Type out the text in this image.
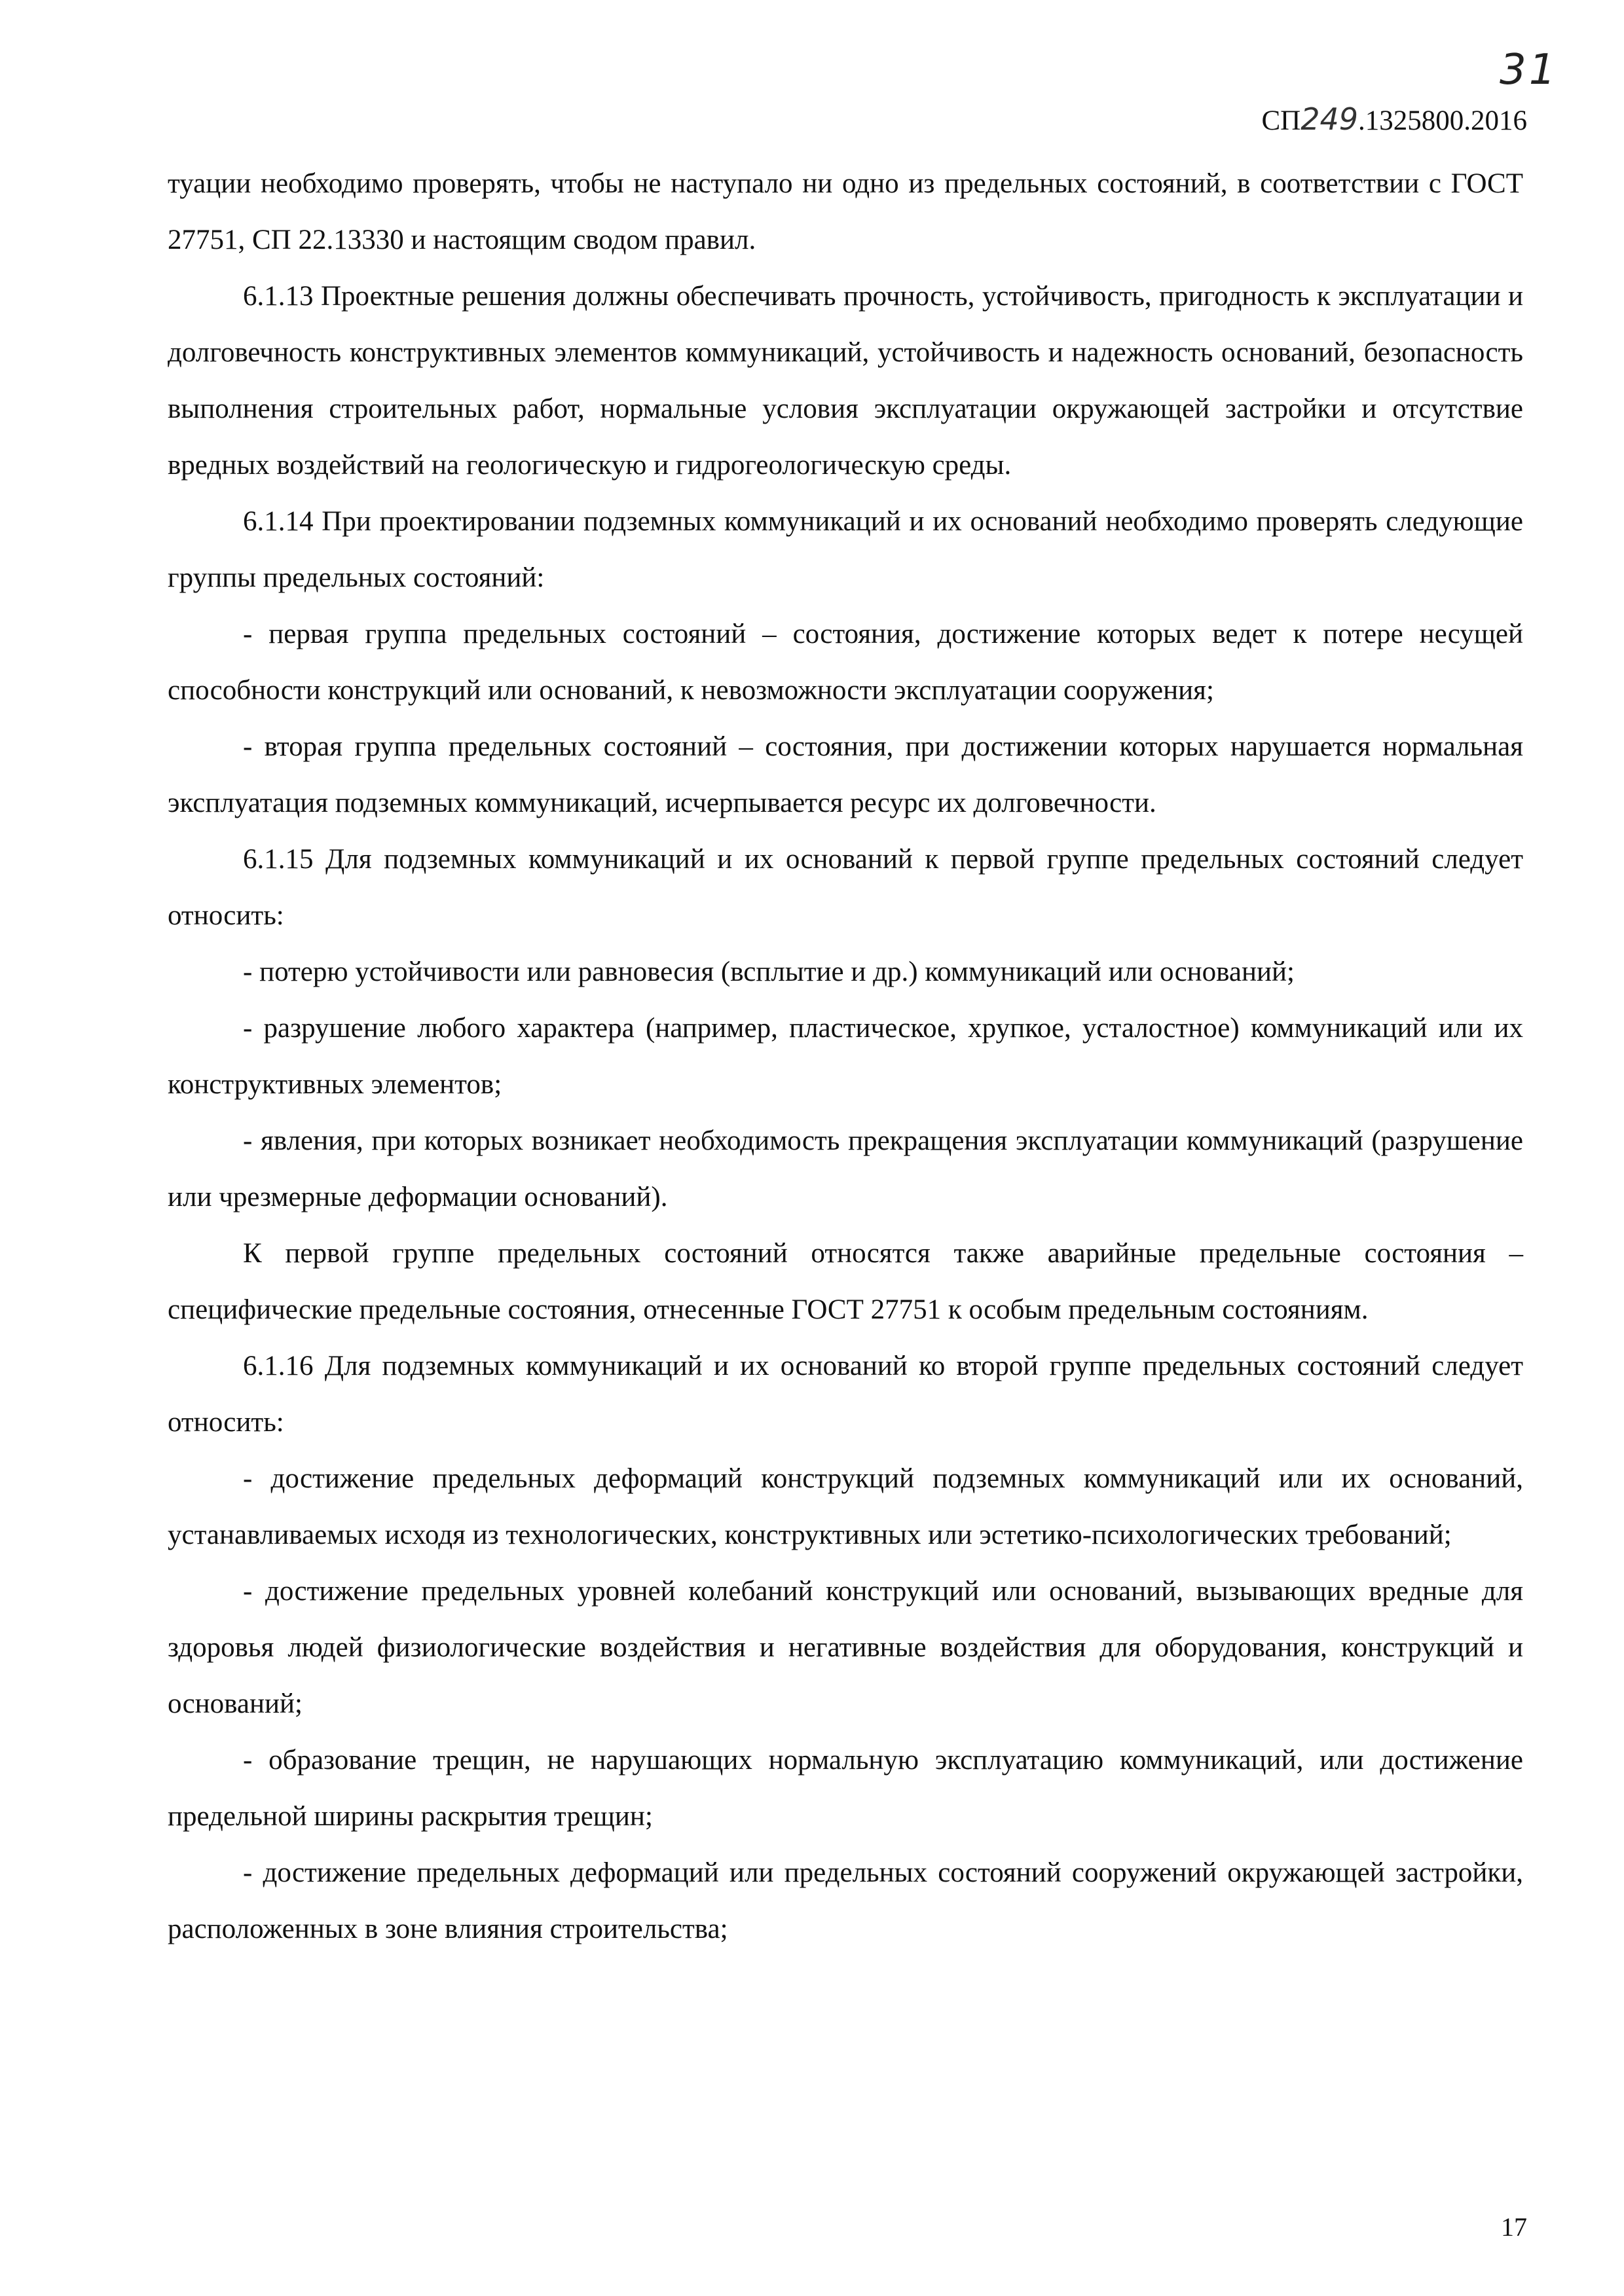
31
СП249.1325800.2016

туации необходимо проверять, чтобы не наступало ни одно из предельных состояний, в соответствии с ГОСТ 27751, СП 22.13330 и настоящим сводом правил.

6.1.13 Проектные решения должны обеспечивать прочность, устойчивость, пригодность к эксплуатации и долговечность конструктивных элементов коммуникаций, устойчивость и надежность оснований, безопасность выполнения строительных работ, нормальные условия эксплуатации окружающей застройки и отсутствие вредных воздействий на геологическую и гидрогеологическую среды.

6.1.14 При проектировании подземных коммуникаций и их оснований необходимо проверять следующие группы предельных состояний:

- первая группа предельных состояний – состояния, достижение которых ведет к потере несущей способности конструкций или оснований, к невозможности эксплуатации сооружения;

- вторая группа предельных состояний – состояния, при достижении которых нарушается нормальная эксплуатация подземных коммуникаций, исчерпывается ресурс их долговечности.

6.1.15 Для подземных коммуникаций и их оснований к первой группе предельных состояний следует относить:

- потерю устойчивости или равновесия (всплытие и др.) коммуникаций или оснований;

- разрушение любого характера (например, пластическое, хрупкое, усталостное) коммуникаций или их конструктивных элементов;

- явления, при которых возникает необходимость прекращения эксплуатации коммуникаций (разрушение или чрезмерные деформации оснований).

К первой группе предельных состояний относятся также аварийные предельные состояния – специфические предельные состояния, отнесенные ГОСТ 27751 к особым предельным состояниям.

6.1.16 Для подземных коммуникаций и их оснований ко второй группе предельных состояний следует относить:

- достижение предельных деформаций конструкций подземных коммуникаций или их оснований, устанавливаемых исходя из технологических, конструктивных или эстетико-психологических требований;

- достижение предельных уровней колебаний конструкций или оснований, вызывающих вредные для здоровья людей физиологические воздействия и негативные воздействия для оборудования, конструкций и оснований;

- образование трещин, не нарушающих нормальную эксплуатацию коммуникаций, или достижение предельной ширины раскрытия трещин;

- достижение предельных деформаций или предельных состояний сооружений окружающей застройки, расположенных в зоне влияния строительства;

17
